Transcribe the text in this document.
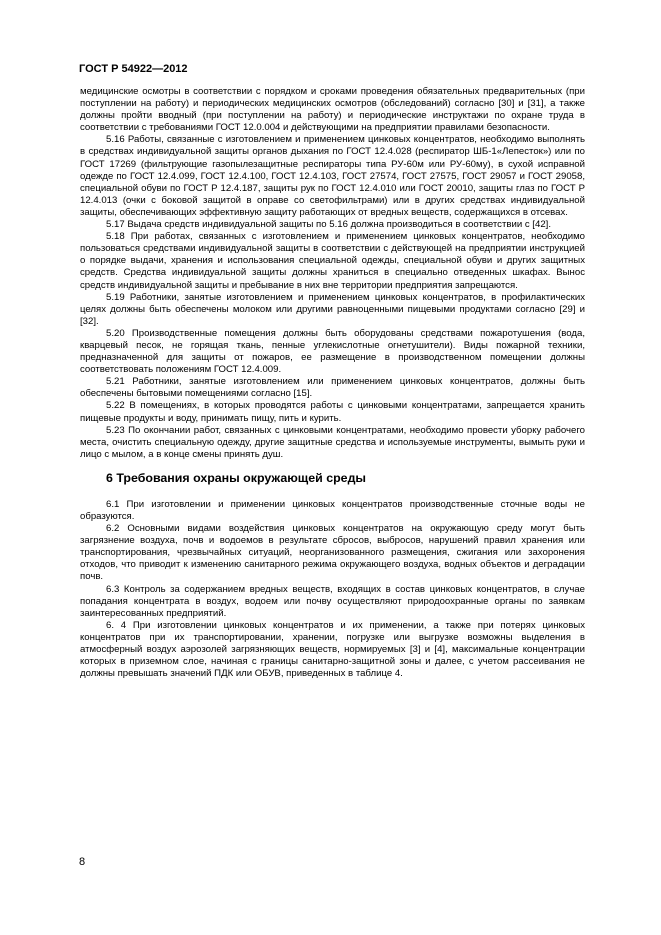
ГОСТ Р 54922—2012

медицинские осмотры в соответствии с порядком и сроками проведения обязательных предварительных (при поступлении на работу) и периодических медицинских осмотров (обследований) согласно [30] и [31], а также должны пройти вводный (при поступлении на работу) и периодические инструктажи по охране труда в соответствии с требованиями ГОСТ 12.0.004 и действующими на предприятии правилами безопасности.

5.16 Работы, связанные с изготовлением и применением цинковых концентратов, необходимо выполнять в средствах индивидуальной защиты органов дыхания по ГОСТ 12.4.028 (респиратор ШБ-1«Лепесток») или по ГОСТ 17269 (фильтрующие газопылезащитные респираторы типа РУ-60м или РУ-60му), в сухой исправной одежде по ГОСТ 12.4.099, ГОСТ 12.4.100, ГОСТ 12.4.103, ГОСТ 27574, ГОСТ 27575, ГОСТ 29057 и ГОСТ 29058, специальной обуви по ГОСТ Р 12.4.187, защиты рук по ГОСТ 12.4.010 или ГОСТ 20010, защиты глаз по ГОСТ Р 12.4.013 (очки с боковой защитой в оправе со светофильтрами) или в других средствах индивидуальной защиты, обеспечивающих эффективную защиту работающих от вредных веществ, содержащихся в отсевах.

5.17 Выдача средств индивидуальной защиты по 5.16 должна производиться в соответствии с [42].

5.18 При работах, связанных с изготовлением и применением цинковых концентратов, необходимо пользоваться средствами индивидуальной защиты в соответствии с действующей на предприятии инструкцией о порядке выдачи, хранения и использования специальной одежды, специальной обуви и других защитных средств. Средства индивидуальной защиты должны храниться в специально отведенных шкафах. Вынос средств индивидуальной защиты и пребывание в них вне территории предприятия запрещаются.

5.19 Работники, занятые изготовлением и применением цинковых концентратов, в профилактических целях должны быть обеспечены молоком или другими равноценными пищевыми продуктами согласно [29] и [32].

5.20 Производственные помещения должны быть оборудованы средствами пожаротушения (вода, кварцевый песок, не горящая ткань, пенные углекислотные огнетушители). Виды пожарной техники, предназначенной для защиты от пожаров, ее размещение в производственном помещении должны соответствовать положениям ГОСТ 12.4.009.

5.21 Работники, занятые изготовлением или применением цинковых концентратов, должны быть обеспечены бытовыми помещениями согласно [15].

5.22 В помещениях, в которых проводятся работы с цинковыми концентратами, запрещается хранить пищевые продукты и воду, принимать пищу, пить и курить.

5.23 По окончании работ, связанных с цинковыми концентратами, необходимо провести уборку рабочего места, очистить специальную одежду, другие защитные средства и используемые инструменты, вымыть руки и лицо с мылом, а в конце смены принять душ.

6 Требования охраны окружающей среды

6.1 При изготовлении и применении цинковых концентратов производственные сточные воды не образуются.

6.2 Основными видами воздействия цинковых концентратов на окружающую среду могут быть загрязнение воздуха, почв и водоемов в результате сбросов, выбросов, нарушений правил хранения или транспортирования, чрезвычайных ситуаций, неорганизованного размещения, сжигания или захоронения отходов, что приводит к изменению санитарного режима окружающего воздуха, водных объектов и деградации почв.

6.3 Контроль за содержанием вредных веществ, входящих в состав цинковых концентратов, в случае попадания концентрата в воздух, водоем или почву осуществляют природоохранные органы по заявкам заинтересованных предприятий.

6. 4 При изготовлении цинковых концентратов и их применении, а также при потерях цинковых концентратов при их транспортировании, хранении, погрузке или выгрузке возможны выделения в атмосферный воздух аэрозолей загрязняющих веществ, нормируемых [3] и [4], максимальные концентрации которых в приземном слое, начиная с границы санитарно-защитной зоны и далее, с учетом рассеивания не должны превышать значений ПДК или ОБУВ, приведенных в таблице 4.

8
